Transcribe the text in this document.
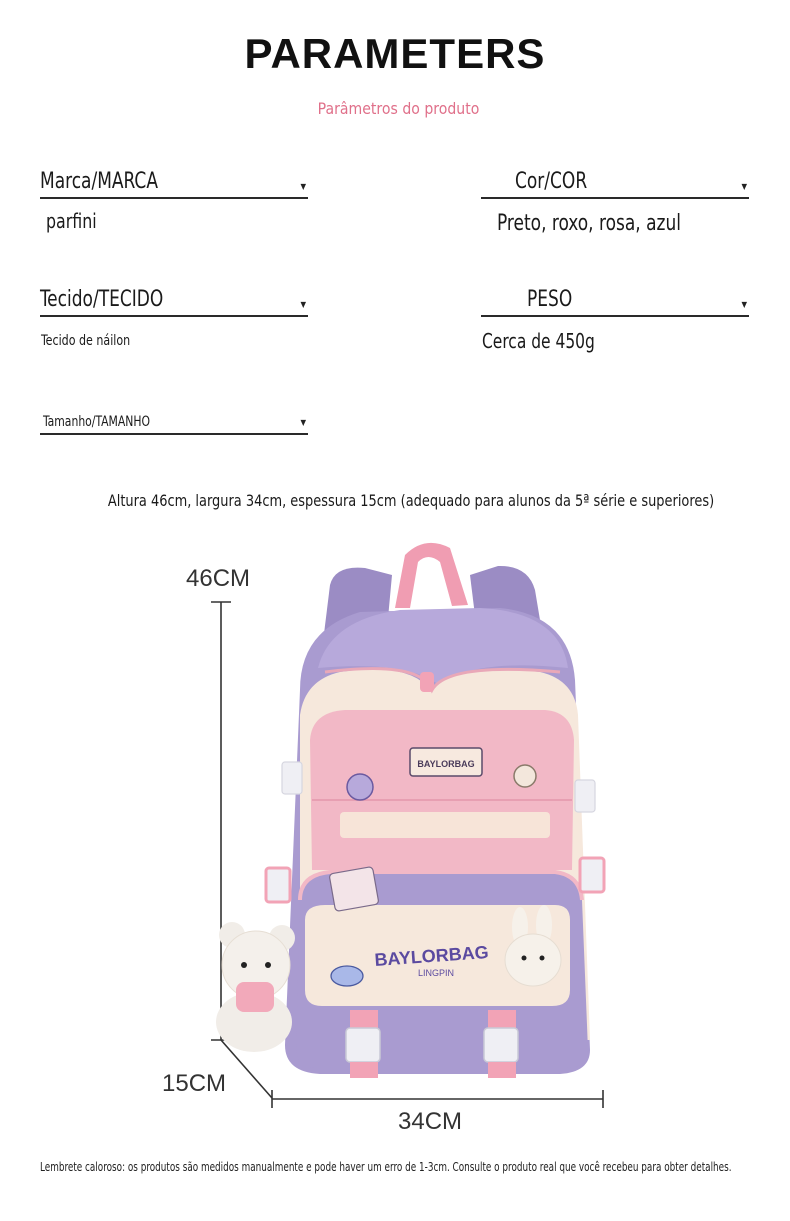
PARAMETERS
Parâmetros do produto
Marca/MARCA	▼
parfini
Cor/COR	▼
Preto, roxo, rosa, azul
Tecido/TECIDO	▼
Tecido de náilon
PESO	▼
Cerca de 450g
Tamanho/TAMANHO	▼
Altura 46cm, largura 34cm, espessura 15cm (adequado para alunos da 5ª série e superiores)
46CM
15CM
34CM
BAYLORBAG
BAYLORBAG
LINGPIN
Lembrete caloroso: os produtos são medidos manualmente e pode haver um erro de 1-3cm. Consulte o produto real que você recebeu para obter detalhes.
